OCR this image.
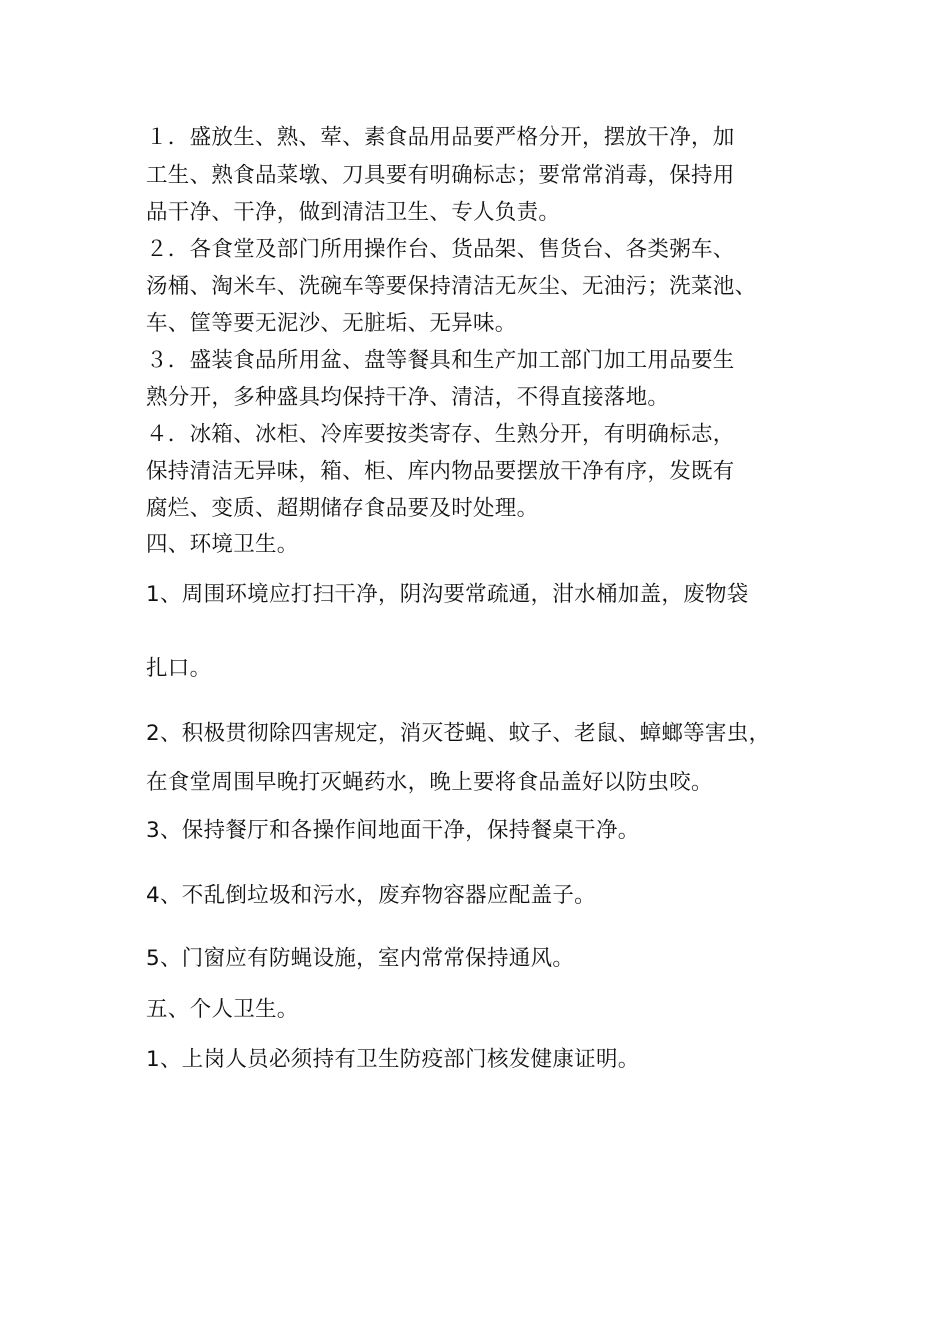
１．盛放生、熟、荤、素食品用品要严格分开，摆放干净，加
工生、熟食品菜墩、刀具要有明确标志；要常常消毒，保持用
品干净、干净，做到清洁卫生、专人负责。
２．各食堂及部门所用操作台、货品架、售货台、各类粥车、
汤桶、淘米车、洗碗车等要保持清洁无灰尘、无油污；洗菜池、
车、筐等要无泥沙、无脏垢、无异味。
３．盛装食品所用盆、盘等餐具和生产加工部门加工用品要生
熟分开，多种盛具均保持干净、清洁，不得直接落地。
４．冰箱、冰柜、冷库要按类寄存、生熟分开，有明确标志，
保持清洁无异味，箱、柜、库内物品要摆放干净有序，发既有
腐烂、变质、超期储存食品要及时处理。
四、环境卫生。
1、周围环境应打扫干净，阴沟要常疏通，泔水桶加盖，废物袋
扎口。
2、积极贯彻除四害规定，消灭苍蝇、蚊子、老鼠、蟑螂等害虫，
在食堂周围早晚打灭蝇药水，晚上要将食品盖好以防虫咬。
3、保持餐厅和各操作间地面干净，保持餐桌干净。
4、不乱倒垃圾和污水，废弃物容器应配盖子。
5、门窗应有防蝇设施，室内常常保持通风。
五、个人卫生。
1、上岗人员必须持有卫生防疫部门核发健康证明。
